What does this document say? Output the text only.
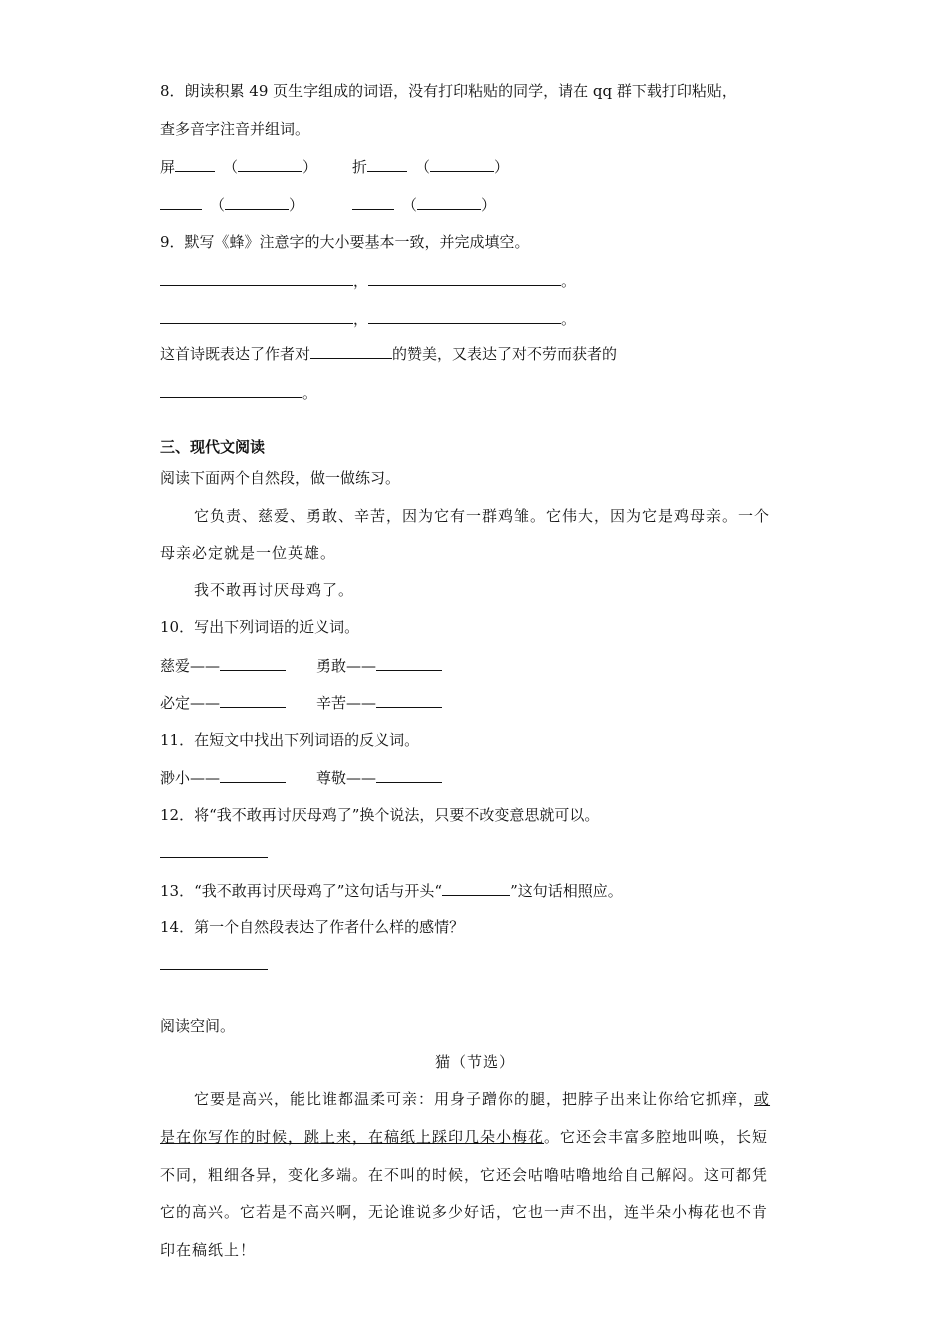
8．朗读积累 49 页生字组成的词语，没有打印粘贴的同学，请在 qq 群下载打印粘贴，
查多音字注音并组词。
屏	（	） 折	（	）
（	）	（	）
9．默写《蜂》注意字的大小要基本一致，并完成填空。
，	。
，	。
这首诗既表达了作者对	的赞美，又表达了对不劳而获者的
。
三、现代文阅读
阅读下面两个自然段，做一做练习。
它负责、慈爱、勇敢、辛苦，因为它有一群鸡雏。它伟大，因为它是鸡母亲。一个
母亲必定就是一位英雄。
我不敢再讨厌母鸡了。
10．写出下列词语的近义词。
慈爱——	勇敢——
必定——	辛苦——
11．在短文中找出下列词语的反义词。
渺小——	尊敬——
12．将“我不敢再讨厌母鸡了”换个说法，只要不改变意思就可以。
13．“我不敢再讨厌母鸡了”这句话与开头“	”这句话相照应。
14．第一个自然段表达了作者什么样的感情？
阅读空间。
猫（节选）
它要是高兴，能比谁都温柔可亲：用身子蹭你的腿，把脖子出来让你给它抓痒，或
是在你写作的时候，跳上来，在稿纸上踩印几朵小梅花。它还会丰富多腔地叫唤，长短
不同，粗细各异，变化多端。在不叫的时候，它还会咕噜咕噜地给自己解闷。这可都凭
它的高兴。它若是不高兴啊，无论谁说多少好话，它也一声不出，连半朵小梅花也不肯
印在稿纸上！
